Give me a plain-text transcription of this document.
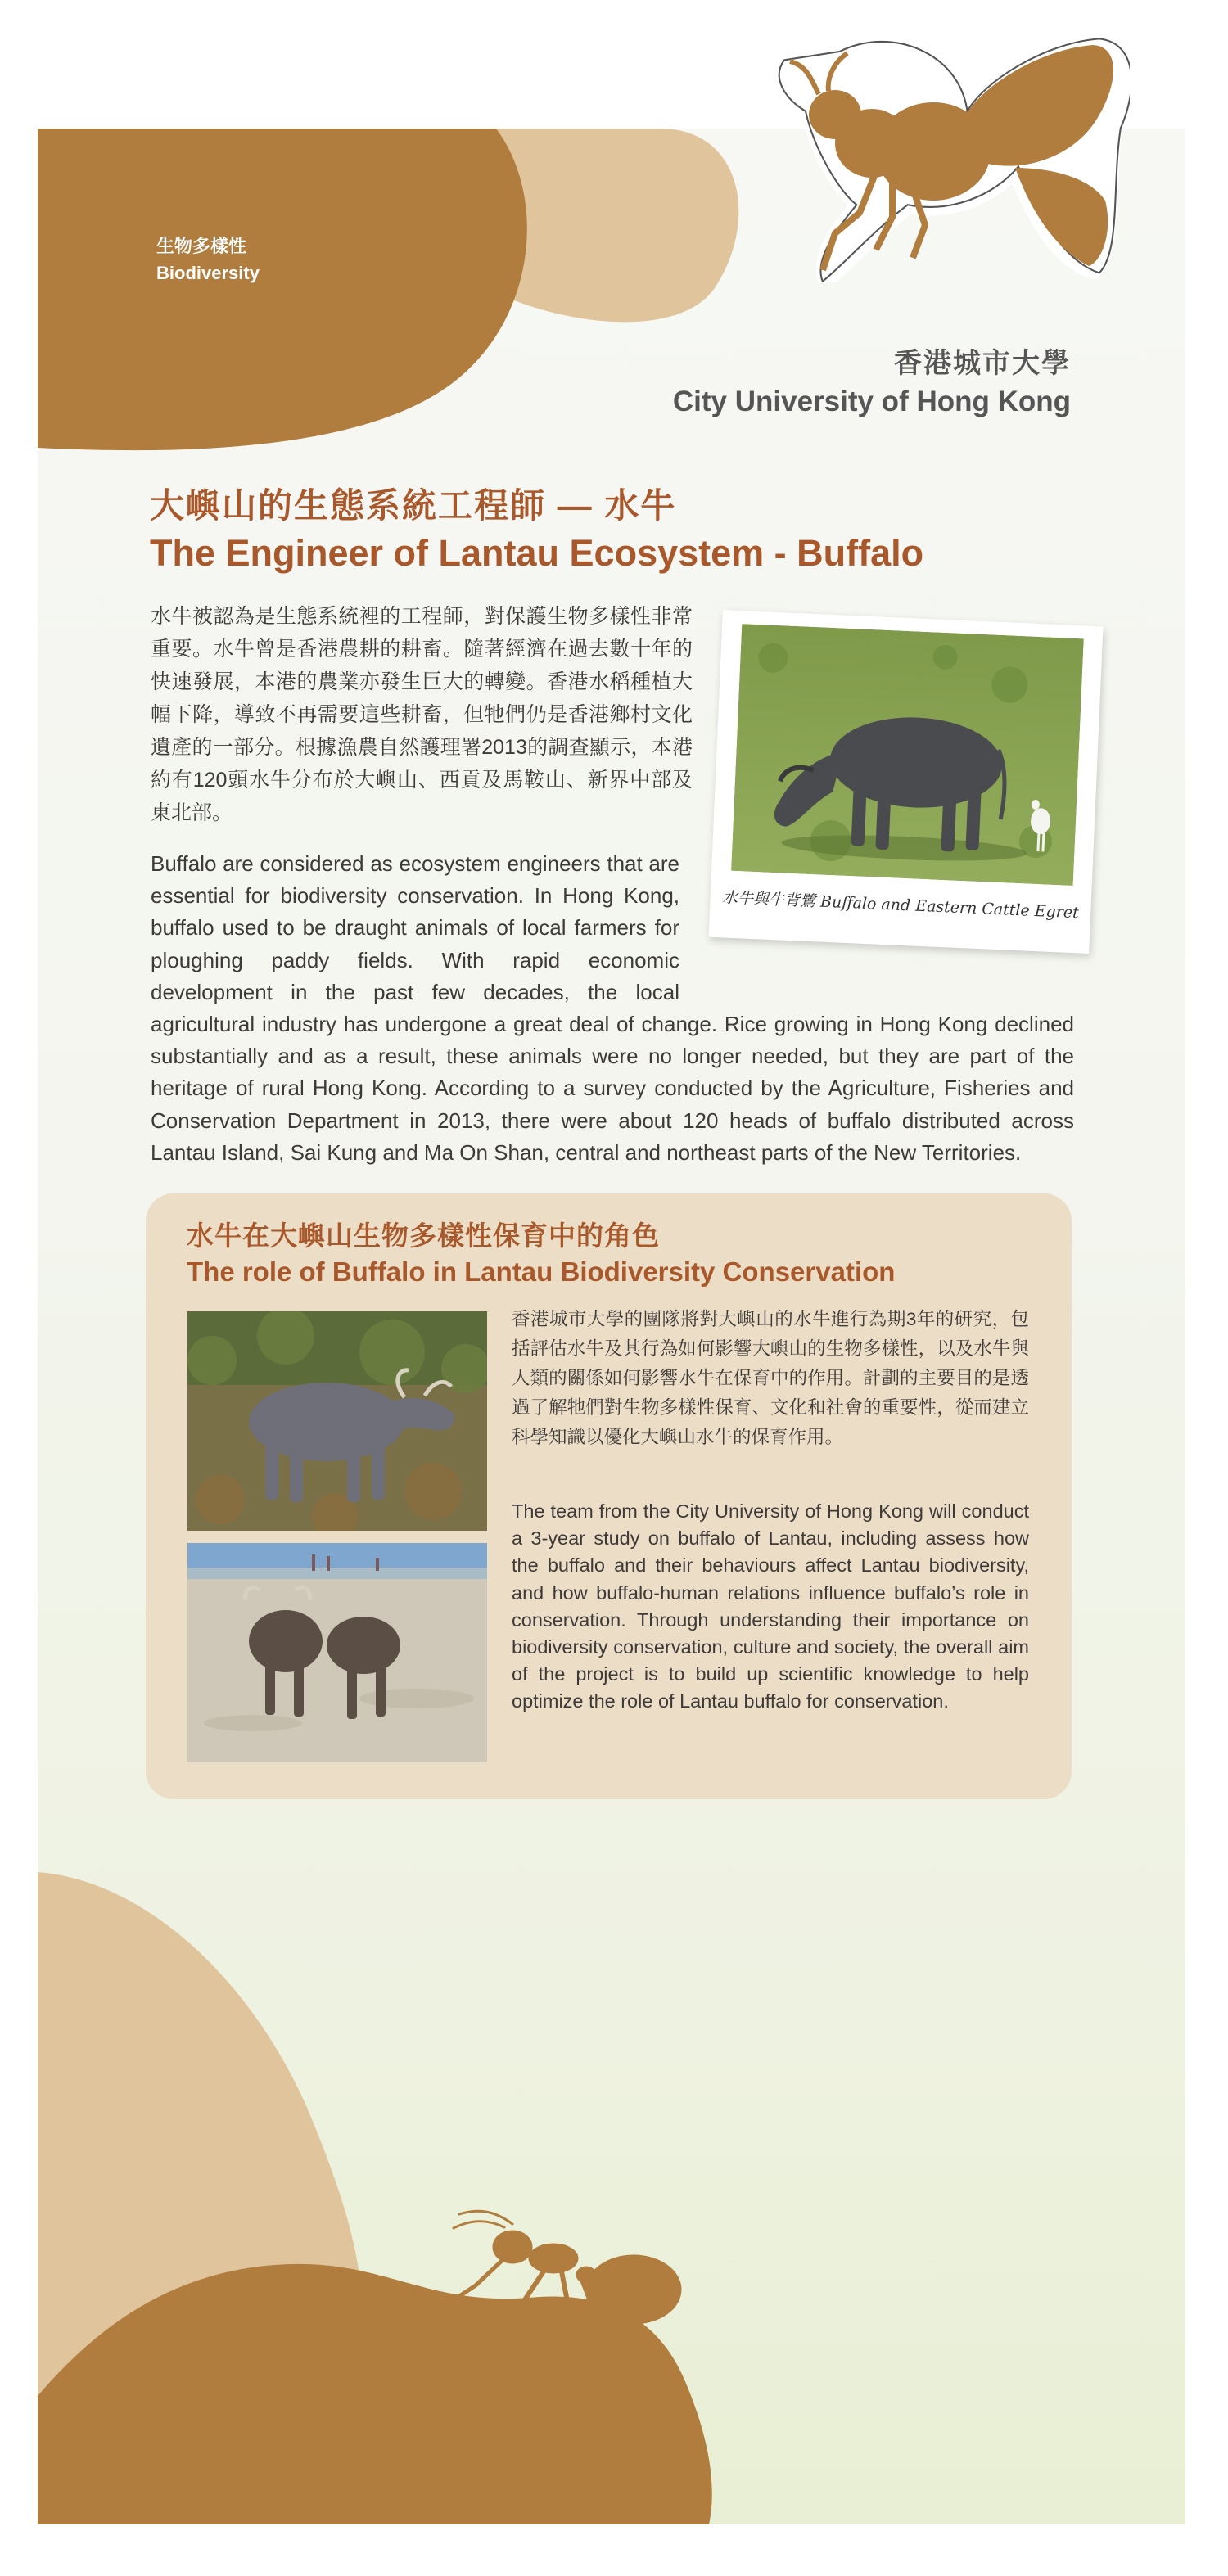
生物多樣性
Biodiversity
香港城市大學
City University of Hong Kong
大嶼山的生態系統工程師 — 水牛
The Engineer of Lantau Ecosystem - Buffalo
水牛被認為是生態系統裡的工程師，對保護生物多樣性非常重要。水牛曾是香港農耕的耕畜。隨著經濟在過去數十年的快速發展，本港的農業亦發生巨大的轉變。香港水稻種植大幅下降，導致不再需要這些耕畜，但牠們仍是香港鄉村文化遺產的一部分。根據漁農自然護理署2013的調查顯示，本港約有120頭水牛分布於大嶼山、西貢及馬鞍山、新界中部及東北部。
Buffalo are considered as ecosystem engineers that are essential for biodiversity conservation. In Hong Kong, buffalo used to be draught animals of local farmers for ploughing paddy fields. With rapid economic development in the past few decades, the local agricultural industry has undergone a great deal of change. Rice growing in Hong Kong declined substantially and as a result, these animals were no longer needed, but they are part of the heritage of rural Hong Kong. According to a survey conducted by the Agriculture, Fisheries and Conservation Department in 2013, there were about 120 heads of buffalo distributed across Lantau Island, Sai Kung and Ma On Shan, central and northeast parts of the New Territories.
水牛與牛背鷺 Buffalo and Eastern Cattle Egret
水牛在大嶼山生物多樣性保育中的角色
The role of Buffalo in Lantau Biodiversity Conservation
香港城市大學的團隊將對大嶼山的水牛進行為期3年的研究，包括評估水牛及其行為如何影響大嶼山的生物多樣性，以及水牛與人類的關係如何影響水牛在保育中的作用。計劃的主要目的是透過了解牠們對生物多樣性保育、文化和社會的重要性，從而建立科學知識以優化大嶼山水牛的保育作用。
The team from the City University of Hong Kong will conduct a 3-year study on buffalo of Lantau, including assess how the buffalo and their behaviours affect Lantau biodiversity, and how buffalo-human relations influence buffalo’s role in conservation. Through understanding their importance on biodiversity conservation, culture and society, the overall aim of the project is to build up scientific knowledge to help optimize the role of Lantau buffalo for conservation.
